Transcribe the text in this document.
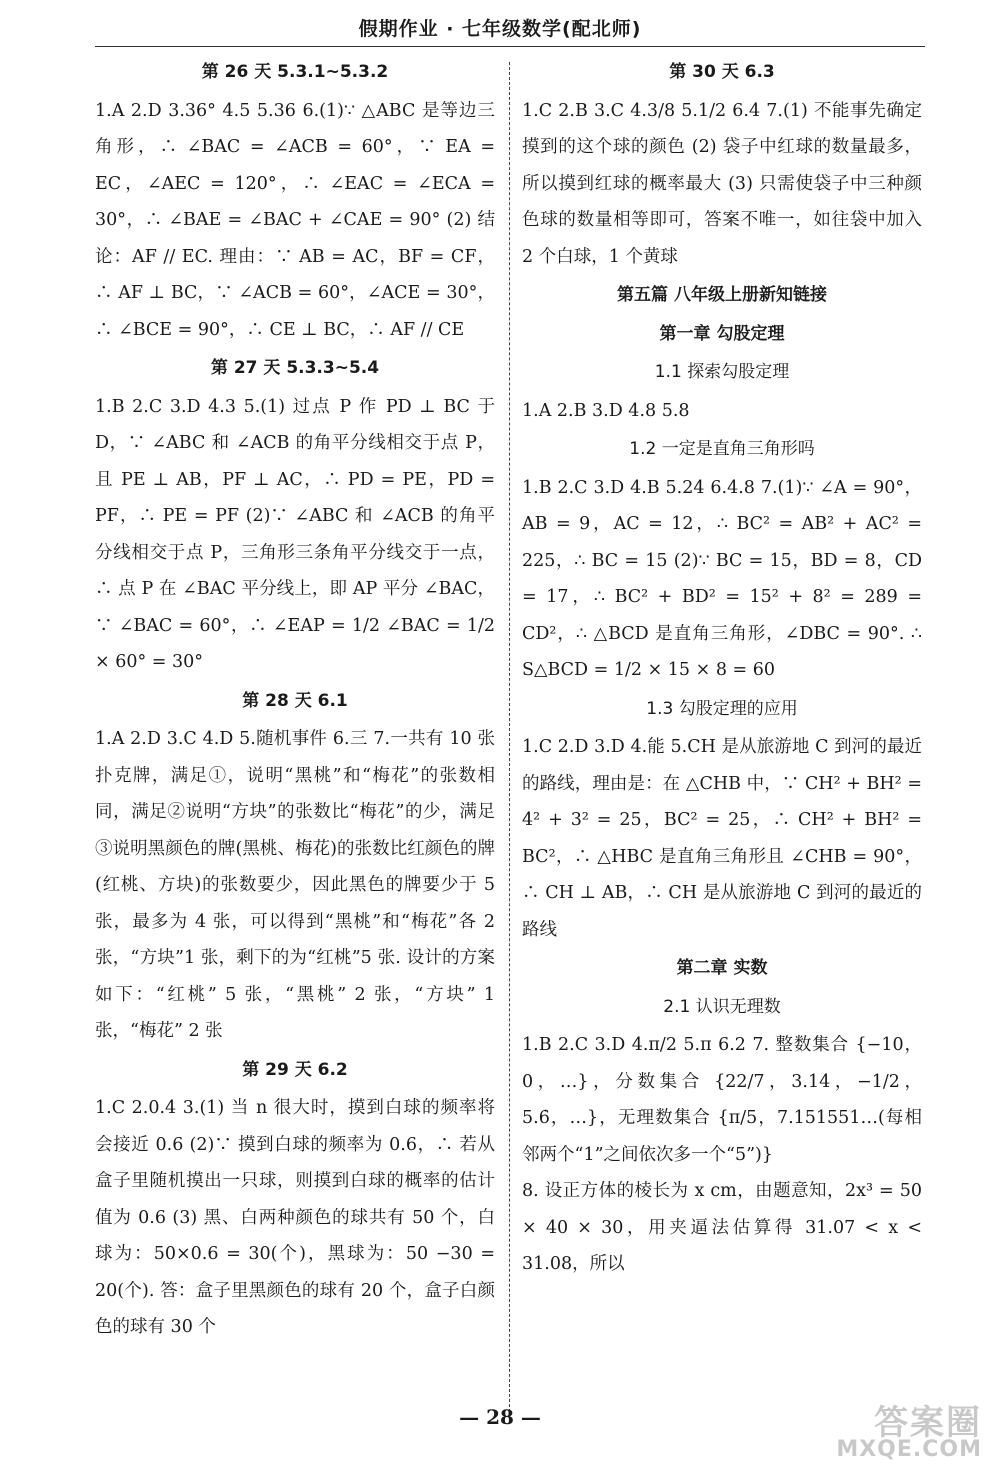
假期作业 · 七年级数学(配北师)
第 26 天 5.3.1~5.3.2
1.A 2.D 3.36° 4.5 5.36 6.(1)∵ △ABC 是等边三角形，∴ ∠BAC = ∠ACB = 60°，∵ EA = EC，∠AEC = 120°，∴ ∠EAC = ∠ECA = 30°，∴ ∠BAE = ∠BAC + ∠CAE = 90° (2) 结论：AF // EC. 理由：∵ AB = AC，BF = CF，∴ AF ⊥ BC，∵ ∠ACB = 60°，∠ACE = 30°，∴ ∠BCE = 90°，∴ CE ⊥ BC，∴ AF // CE
第 27 天 5.3.3~5.4
1.B 2.C 3.D 4.3 5.(1) 过点 P 作 PD ⊥ BC 于 D，∵ ∠ABC 和 ∠ACB 的角平分线相交于点 P，且 PE ⊥ AB，PF ⊥ AC，∴ PD = PE，PD = PF，∴ PE = PF (2)∵ ∠ABC 和 ∠ACB 的角平分线相交于点 P，三角形三条角平分线交于一点，∴ 点 P 在 ∠BAC 平分线上，即 AP 平分 ∠BAC，∵ ∠BAC = 60°，∴ ∠EAP = 1/2 ∠BAC = 1/2 × 60° = 30°
第 28 天 6.1
1.A 2.D 3.C 4.D 5.随机事件 6.三 7.一共有 10 张扑克牌，满足①，说明“黑桃”和“梅花”的张数相同，满足②说明“方块”的张数比“梅花”的少，满足③说明黑颜色的牌(黑桃、梅花)的张数比红颜色的牌(红桃、方块)的张数要少，因此黑色的牌要少于 5 张，最多为 4 张，可以得到“黑桃”和“梅花”各 2 张，“方块”1 张，剩下的为“红桃”5 张. 设计的方案如下：“红桃” 5 张，“黑桃” 2 张，“方块” 1 张，“梅花” 2 张
第 29 天 6.2
1.C 2.0.4 3.(1) 当 n 很大时，摸到白球的频率将会接近 0.6 (2)∵ 摸到白球的频率为 0.6，∴ 若从盒子里随机摸出一只球，则摸到白球的概率的估计值为 0.6 (3) 黑、白两种颜色的球共有 50 个，白球为：50×0.6 = 30(个)，黑球为：50 −30 = 20(个). 答：盒子里黑颜色的球有 20 个，盒子白颜色的球有 30 个
第 30 天 6.3
1.C 2.B 3.C 4.3/8 5.1/2 6.4 7.(1) 不能事先确定摸到的这个球的颜色 (2) 袋子中红球的数量最多，所以摸到红球的概率最大 (3) 只需使袋子中三种颜色球的数量相等即可，答案不唯一，如往袋中加入 2 个白球，1 个黄球
第五篇 八年级上册新知链接
第一章 勾股定理
1.1 探索勾股定理
1.A 2.B 3.D 4.8 5.8
1.2 一定是直角三角形吗
1.B 2.C 3.D 4.B 5.24 6.4.8 7.(1)∵ ∠A = 90°，AB = 9，AC = 12，∴ BC² = AB² + AC² = 225，∴ BC = 15 (2)∵ BC = 15，BD = 8，CD = 17，∴ BC² + BD² = 15² + 8² = 289 = CD²，∴ △BCD 是直角三角形，∠DBC = 90°. ∴ S△BCD = 1/2 × 15 × 8 = 60
1.3 勾股定理的应用
1.C 2.D 3.D 4.能 5.CH 是从旅游地 C 到河的最近的路线，理由是：在 △CHB 中，∵ CH² + BH² = 4² + 3² = 25，BC² = 25，∴ CH² + BH² = BC²，∴ △HBC 是直角三角形且 ∠CHB = 90°，∴ CH ⊥ AB，∴ CH 是从旅游地 C 到河的最近的路线
第二章 实数
2.1 认识无理数
1.B 2.C 3.D 4.π/2 5.π 6.2 7. 整数集合 {−10，0，…}，分数集合 {22/7，3.14，−1/2，5.6̇，…}，无理数集合 {π/5，7.151551…(每相邻两个“1”之间依次多一个“5”)}
8. 设正方体的棱长为 x cm，由题意知，2x³ = 50 × 40 × 30，用夹逼法估算得 31.07 < x < 31.08，所以
— 28 —	答案圈
MXQE.COM
